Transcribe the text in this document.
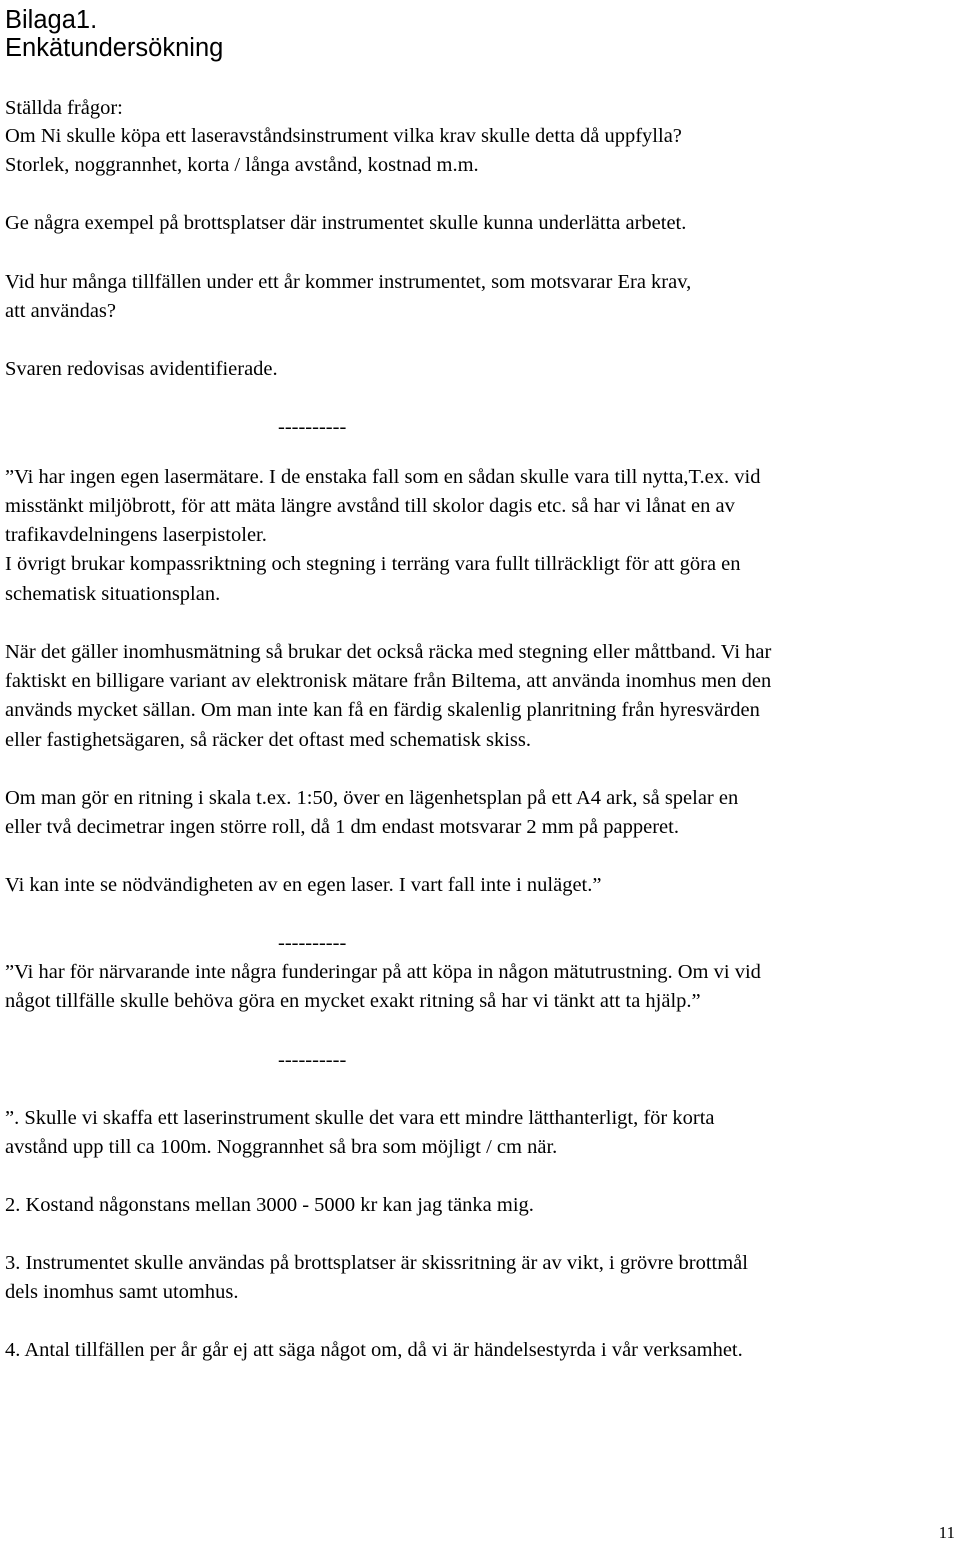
Bilaga1.
Enkätundersökning
Ställda frågor:
Om Ni skulle köpa ett laseravståndsinstrument vilka krav skulle detta då uppfylla?
Storlek, noggrannhet, korta / långa avstånd, kostnad m.m.
Ge några exempel på brottsplatser där instrumentet skulle kunna underlätta arbetet.
Vid hur många tillfällen under ett år kommer instrumentet, som motsvarar Era krav,
att användas?
Svaren redovisas avidentifierade.
----------
”Vi har ingen egen lasermätare. I de enstaka fall som en sådan skulle vara till nytta,T.ex. vid
misstänkt miljöbrott, för att mäta längre avstånd till skolor dagis etc. så har vi lånat en av
trafikavdelningens laserpistoler.
I övrigt brukar kompassriktning och stegning i terräng vara fullt tillräckligt för att göra en
schematisk situationsplan.
När det gäller inomhusmätning så brukar det också räcka med stegning eller måttband. Vi har
faktiskt en billigare variant av elektronisk mätare från Biltema, att använda inomhus men den
används mycket sällan. Om man inte kan få en färdig skalenlig planritning från hyresvärden
eller fastighetsägaren, så räcker det oftast med schematisk skiss.
Om man gör en ritning i skala t.ex. 1:50, över en lägenhetsplan på ett A4 ark, så spelar en
eller två decimetrar ingen större roll, då 1 dm endast motsvarar 2 mm på papperet.
Vi kan inte se nödvändigheten av en egen laser. I vart fall inte i nuläget.”
----------
”Vi har för närvarande inte några funderingar på att köpa in någon mätutrustning. Om vi vid
något tillfälle skulle behöva göra en mycket exakt ritning så har vi tänkt att ta hjälp.”
----------
”. Skulle vi skaffa ett laserinstrument skulle det vara ett mindre lätthanterligt, för korta
avstånd upp till ca 100m. Noggrannhet så bra som möjligt / cm när.
2. Kostand någonstans mellan 3000 - 5000 kr kan jag tänka mig.
3. Instrumentet skulle användas på brottsplatser är skissritning är av vikt, i grövre brottmål
dels inomhus samt utomhus.
4. Antal tillfällen per år går ej att säga något om, då vi är händelsestyrda i vår verksamhet.
11
